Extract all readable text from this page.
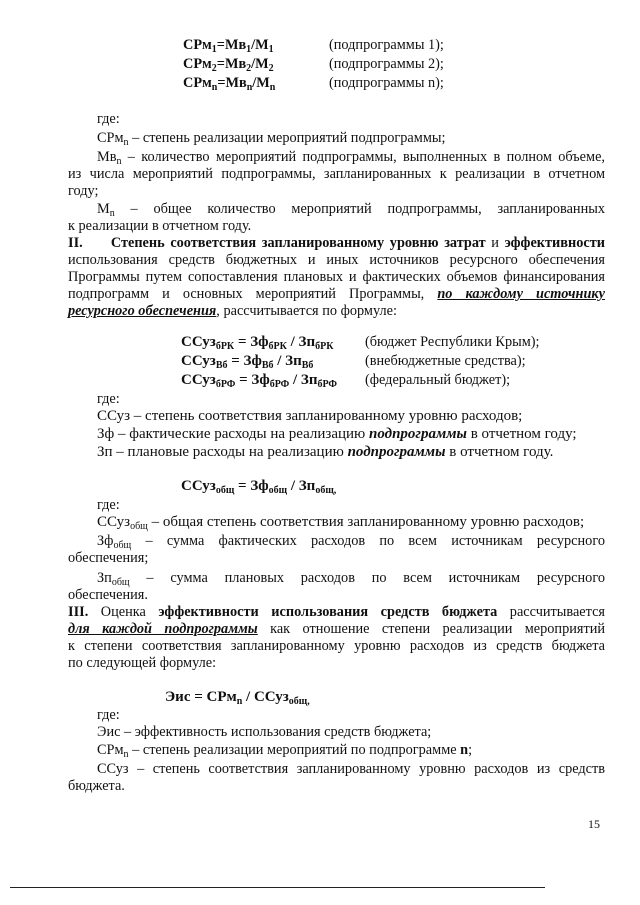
$СРм_1=Мв_1/М_1$	(подпрограммы 1);
$СРм_2=Мв_2/М_2$	(подпрограммы 2);
$СРм_n=Мв_n/М_n$	(подпрограммы n);
где:
СРм$_n$ – степень реализации мероприятий подпрограммы;
$Мв_n$ – количество мероприятий подпрограммы, выполненных в полном объеме,
из числа мероприятий подпрограммы, запланированных к реализации в отчетном
году;
$М_n$ – общее количество мероприятий подпрограммы, запланированных
к реализации в отчетном году.
II. Степень соответствия запланированному уровню затрат и эффективности
использования средств бюджетных и иных источников ресурсного обеспечения
Программы путем сопоставления плановых и фактических объемов финансирования
подпрограмм и основных мероприятий Программы, по каждому источнику
ресурсного обеспечения, рассчитывается по формуле:
ССуз$_{бРК}$ = $Зф_{бРК} / Зп_{бРК}$ (бюджет Республики Крым);
ССуз$_{Вб}$ = $Зф_{Вб} / Зп_{Вб}$	(внебюджетные средства);
ССуз$_{бРФ}$ = $Зф_{бРФ} / Зп_{бРФ}$ (федеральный бюджет);
где:
ССуз – степень соответствия запланированному уровню расходов;
Зф – фактические расходы на реализацию подпрограммы в отчетном году;
Зп – плановые расходы на реализацию подпрограммы в отчетном году.
ССуз$_{общ}$ = $Зф_{общ} / Зп_{общ,}$
где:
ССуз$_{общ}$ – общая степень соответствия запланированному уровню расходов;
$Зф_{общ}$ – сумма фактических расходов по всем источникам ресурсного
обеспечения;
$Зп_{общ}$ – сумма плановых расходов по всем источникам ресурсного
обеспечения.
III. Оценка эффективности использования средств бюджета рассчитывается
для каждой подпрограммы как отношение степени реализации мероприятий
к степени соответствия запланированному уровню расходов из средств бюджета
по следующей формуле:
Эис = СРм$_n$ / ССуз$_{общ,}$
где:
Эис – эффективность использования средств бюджета;
СРм$_n$ – степень реализации мероприятий по подпрограмме n;
ССуз – степень соответствия запланированному уровню расходов из средств
бюджета.
15
